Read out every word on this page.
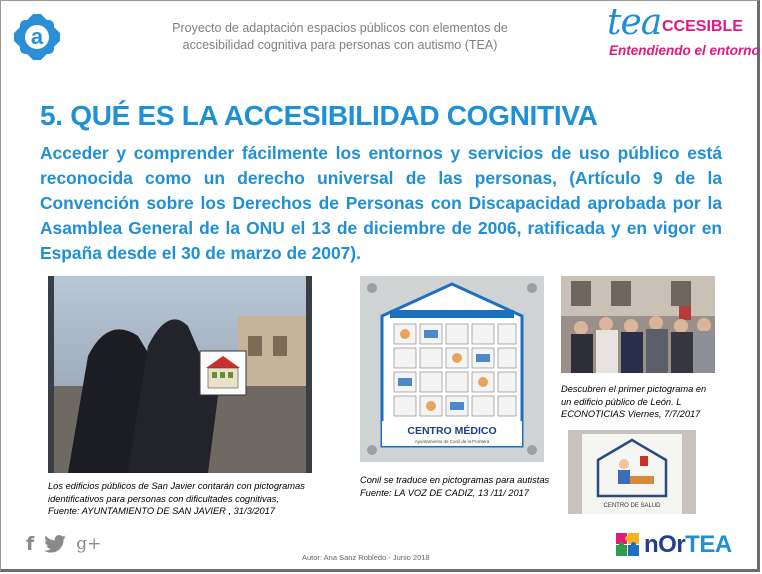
a	Proyecto de adaptación espacios públicos con elementos de
accesibilidad cognitiva para personas con autismo (TEA)
tea CCESIBLE
Entendiendo el entorno
5. QUÉ ES LA ACCESIBILIDAD COGNITIVA

Acceder y comprender fácilmente los entornos y servicios de uso público está reconocida como un derecho universal de las personas, (Artículo 9 de la Convención sobre los Derechos de Personas con Discapacidad aprobada por la Asamblea General de la ONU el 13 de diciembre de 2006, ratificada y en vigor en España desde el 30 de marzo de 2007).

Los edificios públicos de San Javier contarán con pictogramas
identificativos para personas con dificultades cognitivas,
Fuente: AYUNTAMIENTO DE SAN JAVIER , 31/3/2017
CENTRO MÉDICO
Ayuntamiento de Conil de la Frontera
Conil se traduce en pictogramas para autistas
Fuente: LA VOZ DE CADIZ, 13 /11/ 2017
Descubren el primer pictograma en
un edificio público de León. L
ECONOTICIAS Viernes, 7/7/2017
CENTRO DE SALUD
f g+
Autor: Ana Sanz Robledo - Junio 2018	nOrTEA
